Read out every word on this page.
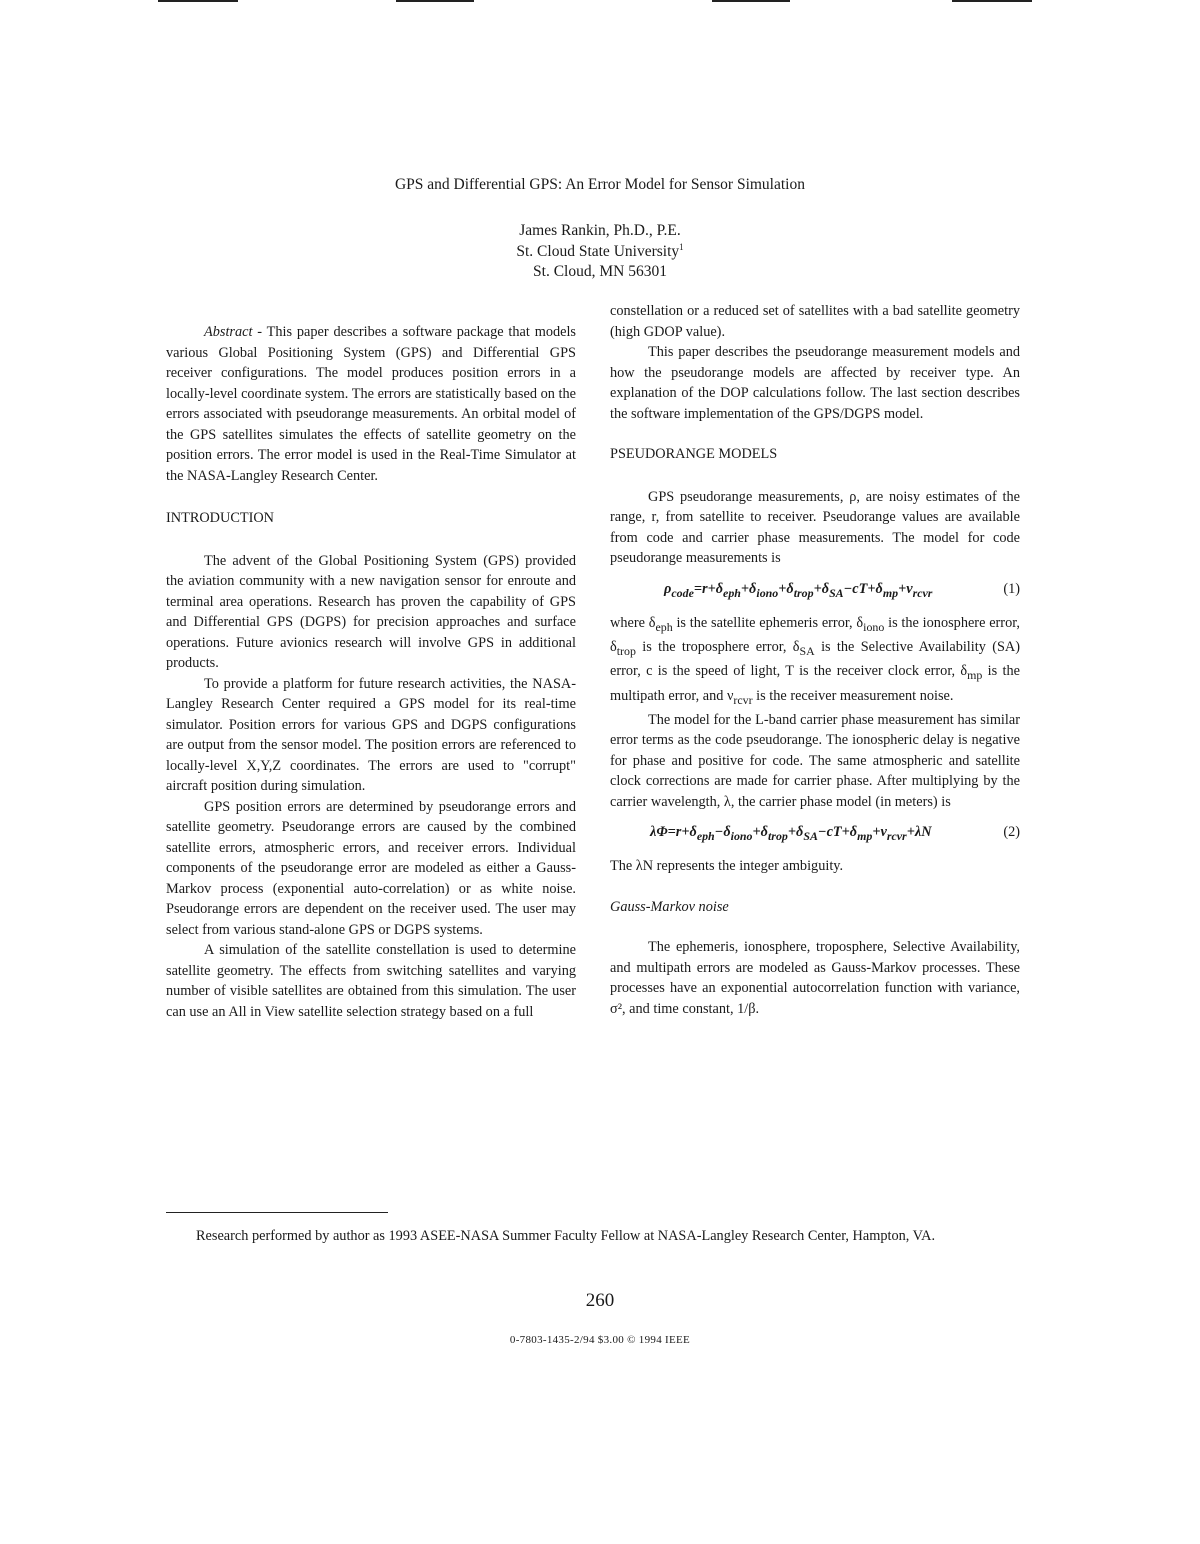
GPS and Differential GPS: An Error Model for Sensor Simulation
James Rankin, Ph.D., P.E.
St. Cloud State University$^1$
St. Cloud, MN 56301

Abstract - This paper describes a software package that models various Global Positioning System (GPS) and Differential GPS receiver configurations. The model produces position errors in a locally-level coordinate system. The errors are statistically based on the errors associated with pseudorange measurements. An orbital model of the GPS satellites simulates the effects of satellite geometry on the position errors. The error model is used in the Real-Time Simulator at the NASA-Langley Research Center.

INTRODUCTION

The advent of the Global Positioning System (GPS) provided the aviation community with a new navigation sensor for enroute and terminal area operations. Research has proven the capability of GPS and Differential GPS (DGPS) for precision approaches and surface operations. Future avionics research will involve GPS in additional products.

To provide a platform for future research activities, the NASA-Langley Research Center required a GPS model for its real-time simulator. Position errors for various GPS and DGPS configurations are output from the sensor model. The position errors are referenced to locally-level X,Y,Z coordinates. The errors are used to "corrupt" aircraft position during simulation.

GPS position errors are determined by pseudorange errors and satellite geometry. Pseudorange errors are caused by the combined satellite errors, atmospheric errors, and receiver errors. Individual components of the pseudorange error are modeled as either a Gauss-Markov process (exponential auto-correlation) or as white noise. Pseudorange errors are dependent on the receiver used. The user may select from various stand-alone GPS or DGPS systems.

A simulation of the satellite constellation is used to determine satellite geometry. The effects from switching satellites and varying number of visible satellites are obtained from this simulation. The user can use an All in View satellite selection strategy based on a full

constellation or a reduced set of satellites with a bad satellite geometry (high GDOP value).

This paper describes the pseudorange measurement models and how the pseudorange models are affected by receiver type. An explanation of the DOP calculations follow. The last section describes the software implementation of the GPS/DGPS model.

PSEUDORANGE MODELS

GPS pseudorange measurements, ρ, are noisy estimates of the range, r, from satellite to receiver. Pseudorange values are available from code and carrier phase measurements. The model for code pseudorange measurements is

$\rho_{code}=r+\delta_{eph}+\delta_{iono}+\delta_{trop}+\delta_{SA}-cT+\delta_{mp}+\nu_{rcvr}$	(1)

where $\delta_{eph}$ is the satellite ephemeris error, $\delta_{iono}$ is the ionosphere error, $\delta_{trop}$ is the troposphere error, $\delta_{SA}$ is the Selective Availability (SA) error, c is the speed of light, T is the receiver clock error, $\delta_{mp}$ is the multipath error, and $\nu_{rcvr}$ is the receiver measurement noise.

The model for the L-band carrier phase measurement has similar error terms as the code pseudorange. The ionospheric delay is negative for phase and positive for code. The same atmospheric and satellite clock corrections are made for carrier phase. After multiplying by the carrier wavelength, λ, the carrier phase model (in meters) is

$\lambda\Phi=r+\delta_{eph}-\delta_{iono}+\delta_{trop}+\delta_{SA}-cT+\delta_{mp}+\nu_{rcvr}+\lambda N$	(2)

The λN represents the integer ambiguity.

Gauss-Markov noise

The ephemeris, ionosphere, troposphere, Selective Availability, and multipath errors are modeled as Gauss-Markov processes. These processes have an exponential autocorrelation function with variance, σ², and time constant, 1/β.

Research performed by author as 1993 ASEE-NASA Summer Faculty Fellow at NASA-Langley Research Center, Hampton, VA.
260
0-7803-1435-2/94 $3.00 © 1994 IEEE
